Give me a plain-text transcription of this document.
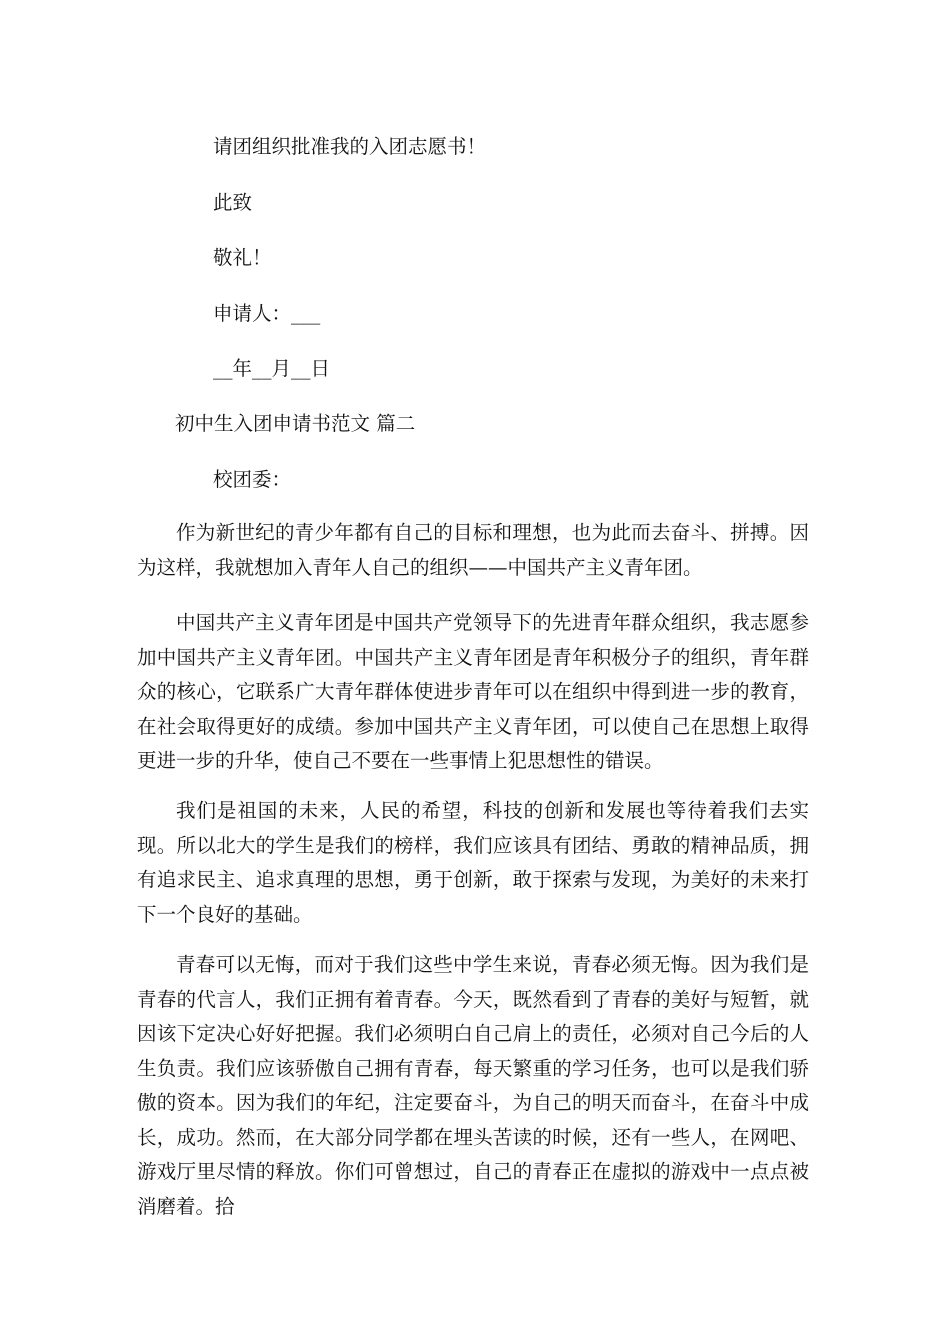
请团组织批准我的入团志愿书！
此致
敬礼！
申请人：___
__年__月__日
初中生入团申请书范文 篇二
校团委：

作为新世纪的青少年都有自己的目标和理想，也为此而去奋斗、拼搏。因为这样，我就想加入青年人自己的组织——中国共产主义青年团。

中国共产主义青年团是中国共产党领导下的先进青年群众组织，我志愿参加中国共产主义青年团。中国共产主义青年团是青年积极分子的组织，青年群众的核心，它联系广大青年群体使进步青年可以在组织中得到进一步的教育，在社会取得更好的成绩。参加中国共产主义青年团，可以使自己在思想上取得更进一步的升华，使自己不要在一些事情上犯思想性的错误。

我们是祖国的未来，人民的希望，科技的创新和发展也等待着我们去实现。所以北大的学生是我们的榜样，我们应该具有团结、勇敢的精神品质，拥有追求民主、追求真理的思想，勇于创新，敢于探索与发现，为美好的未来打下一个良好的基础。

青春可以无悔，而对于我们这些中学生来说，青春必须无悔。因为我们是青春的代言人，我们正拥有着青春。今天，既然看到了青春的美好与短暂，就因该下定决心好好把握。我们必须明白自己肩上的责任，必须对自己今后的人生负责。我们应该骄傲自己拥有青春，每天繁重的学习任务，也可以是我们骄傲的资本。因为我们的年纪，注定要奋斗，为自己的明天而奋斗，在奋斗中成长，成功。然而，在大部分同学都在埋头苦读的时候，还有一些人，在网吧、游戏厅里尽情的释放。你们可曾想过，自己的青春正在虚拟的游戏中一点点被消磨着。拾
